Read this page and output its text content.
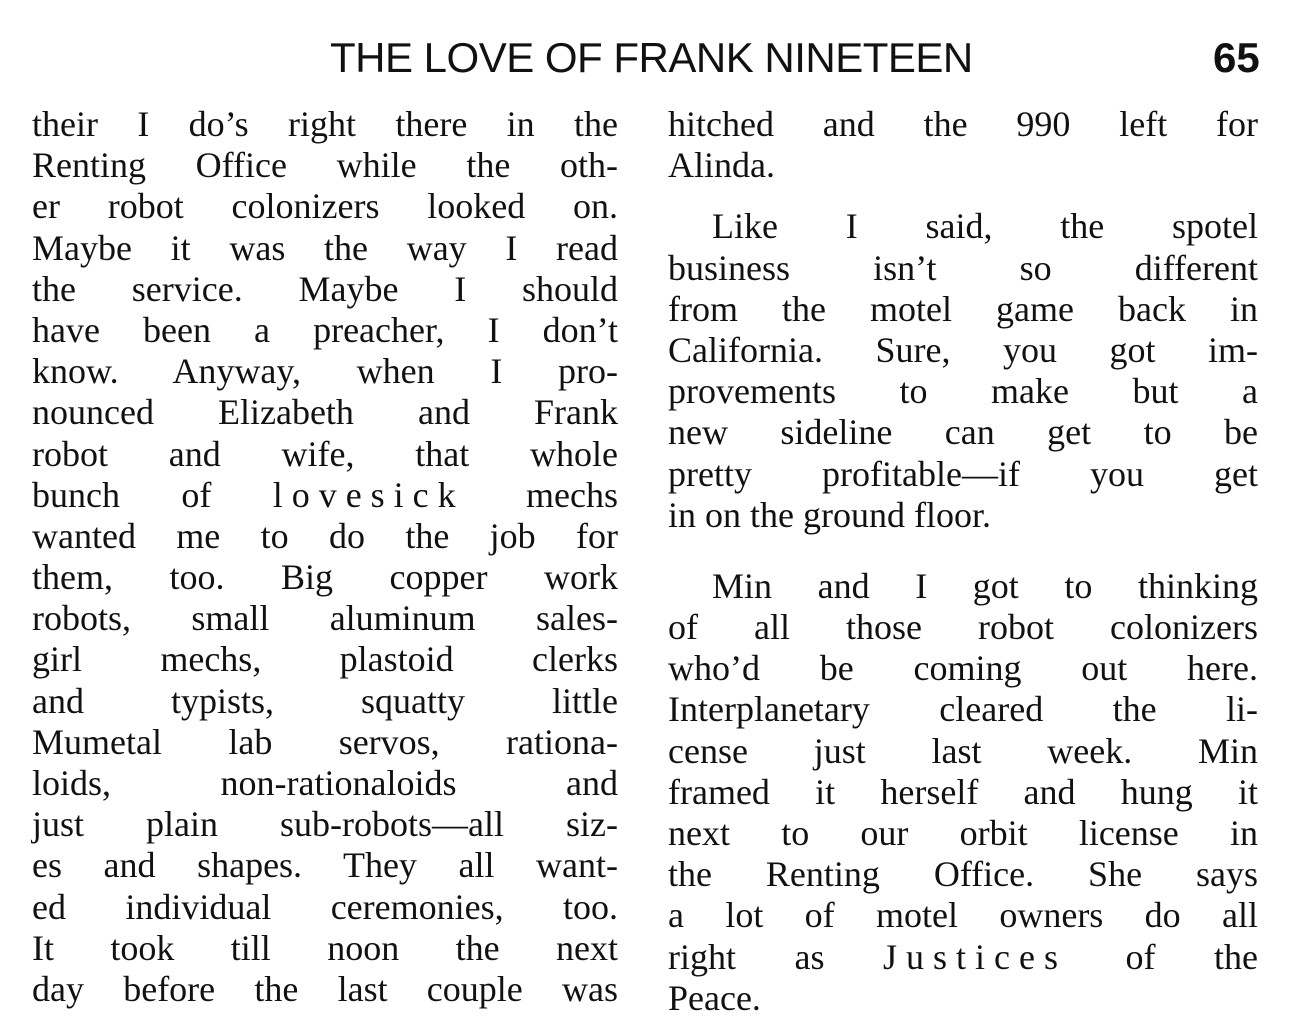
THE LOVE OF FRANK NINETEEN	65
their I do’s right there in the
Renting Office while the oth-
er robot colonizers looked on.
Maybe it was the way I read
the service. Maybe I should
have been a preacher, I don’t
know. Anyway, when I pro-
nounced Elizabeth and Frank
robot and wife, that whole
bunch of lovesick mechs
wanted me to do the job for
them, too. Big copper work
robots, small aluminum sales-
girl mechs, plastoid clerks
and typists, squatty little
Mumetal lab servos, rationa-
loids, non-rationaloids and
just plain sub-robots—all siz-
es and shapes. They all want-
ed individual ceremonies, too.
It took till noon the next
day before the last couple was
hitched and the 990 left for
Alinda.
Like I said, the spotel
business isn’t so different
from the motel game back in
California. Sure, you got im-
provements to make but a
new sideline can get to be
pretty profitable—if you get
in on the ground floor.
Min and I got to thinking
of all those robot colonizers
who’d be coming out here.
Interplanetary cleared the li-
cense just last week. Min
framed it herself and hung it
next to our orbit license in
the Renting Office. She says
a lot of motel owners do all
right as Justices of the
Peace.
